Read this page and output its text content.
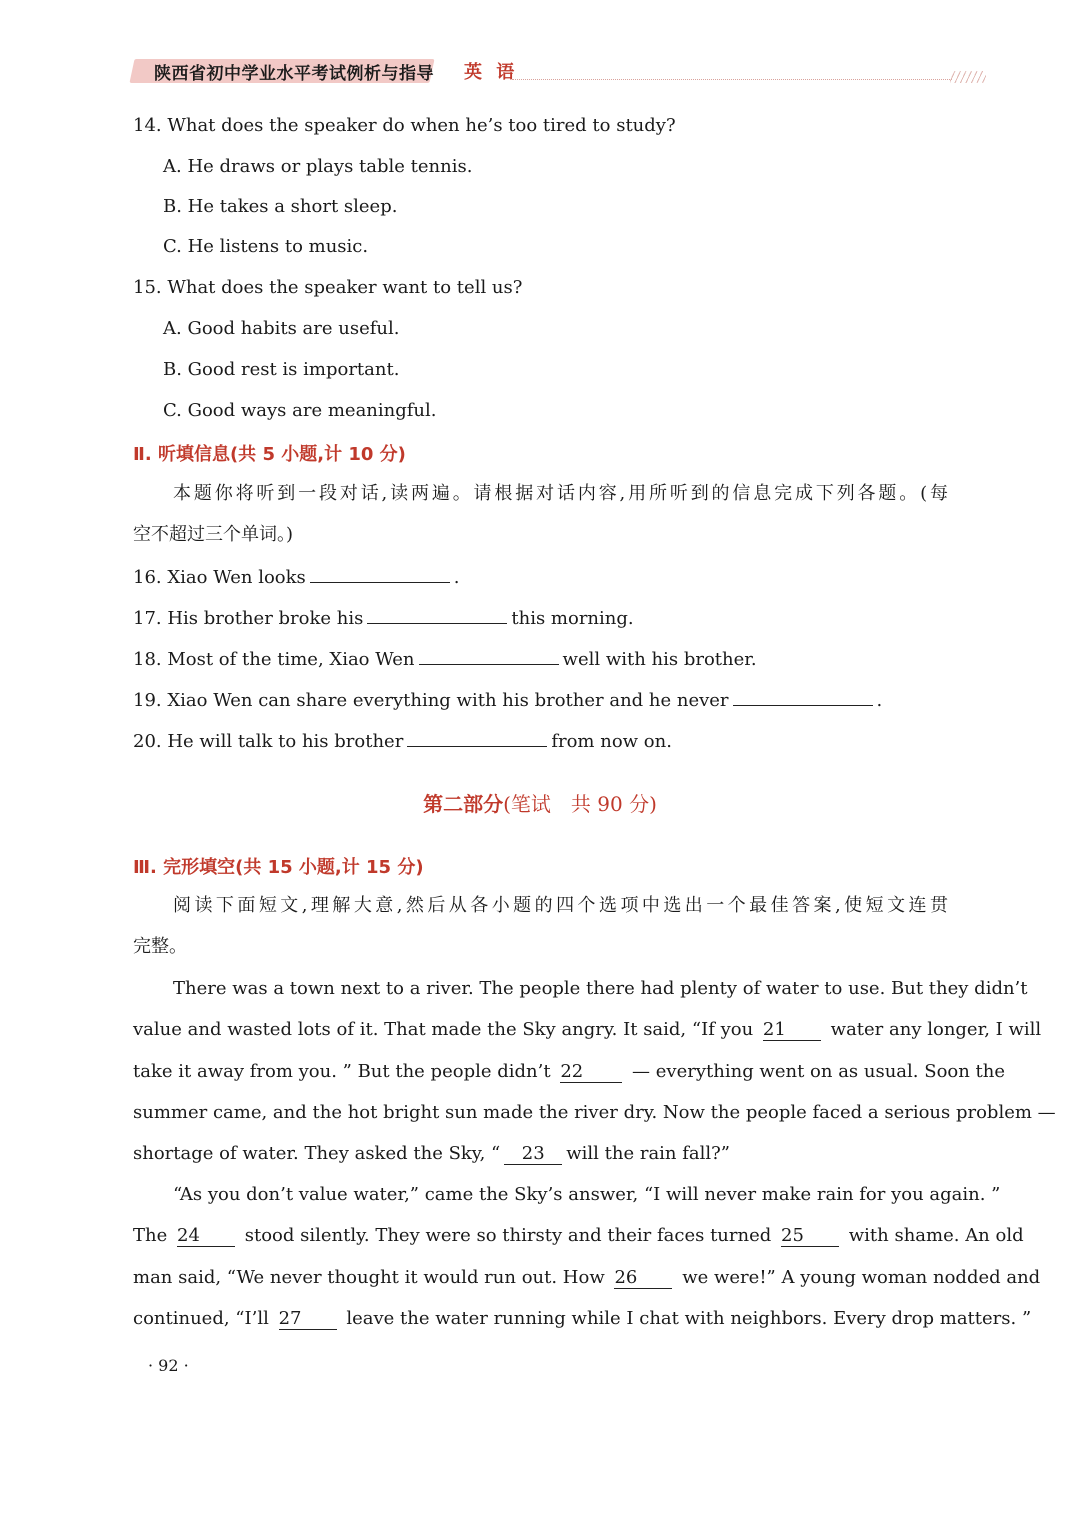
陕西省初中学业水平考试例析与指导 英 语
14. What does the speaker do when he’s too tired to study?
A. He draws or plays table tennis.
B. He takes a short sleep.
C. He listens to music.
15. What does the speaker want to tell us?
A. Good habits are useful.
B. Good rest is important.
C. Good ways are meaningful.
Ⅱ. 听填信息(共 5 小题,计 10 分)
本题你将听到一段对话,读两遍。请根据对话内容,用所听到的信息完成下列各题。(每
空不超过三个单词。)
16. Xiao Wen looks	.
17. His brother broke his	this morning.
18. Most of the time, Xiao Wen	well with his brother.
19. Xiao Wen can share everything with his brother and he never	.
20. He will talk to his brother	from now on.
第二部分(笔试　共 90 分)
Ⅲ. 完形填空(共 15 小题,计 15 分)
阅读下面短文,理解大意,然后从各小题的四个选项中选出一个最佳答案,使短文连贯
完整。
There was a town next to a river. The people there had plenty of water to use. But they didn’t
value and wasted lots of it. That made the Sky angry. It said, “If you 21 water any longer, I will
take it away from you. ” But the people didn’t 22	— everything went on as usual. Soon the
summer came, and the hot bright sun made the river dry. Now the people faced a serious problem —
shortage of water. They asked the Sky, “ 23 will the rain fall?”
“As you don’t value water,” came the Sky’s answer, “I will never make rain for you again. ”
The 24 stood silently. They were so thirsty and their faces turned 25 with shame. An old
man said, “We never thought it would run out. How 26 we were!” A young woman nodded and
continued, “I’ll 27 leave the water running while I chat with neighbors. Every drop matters. ”
· 92 ·
